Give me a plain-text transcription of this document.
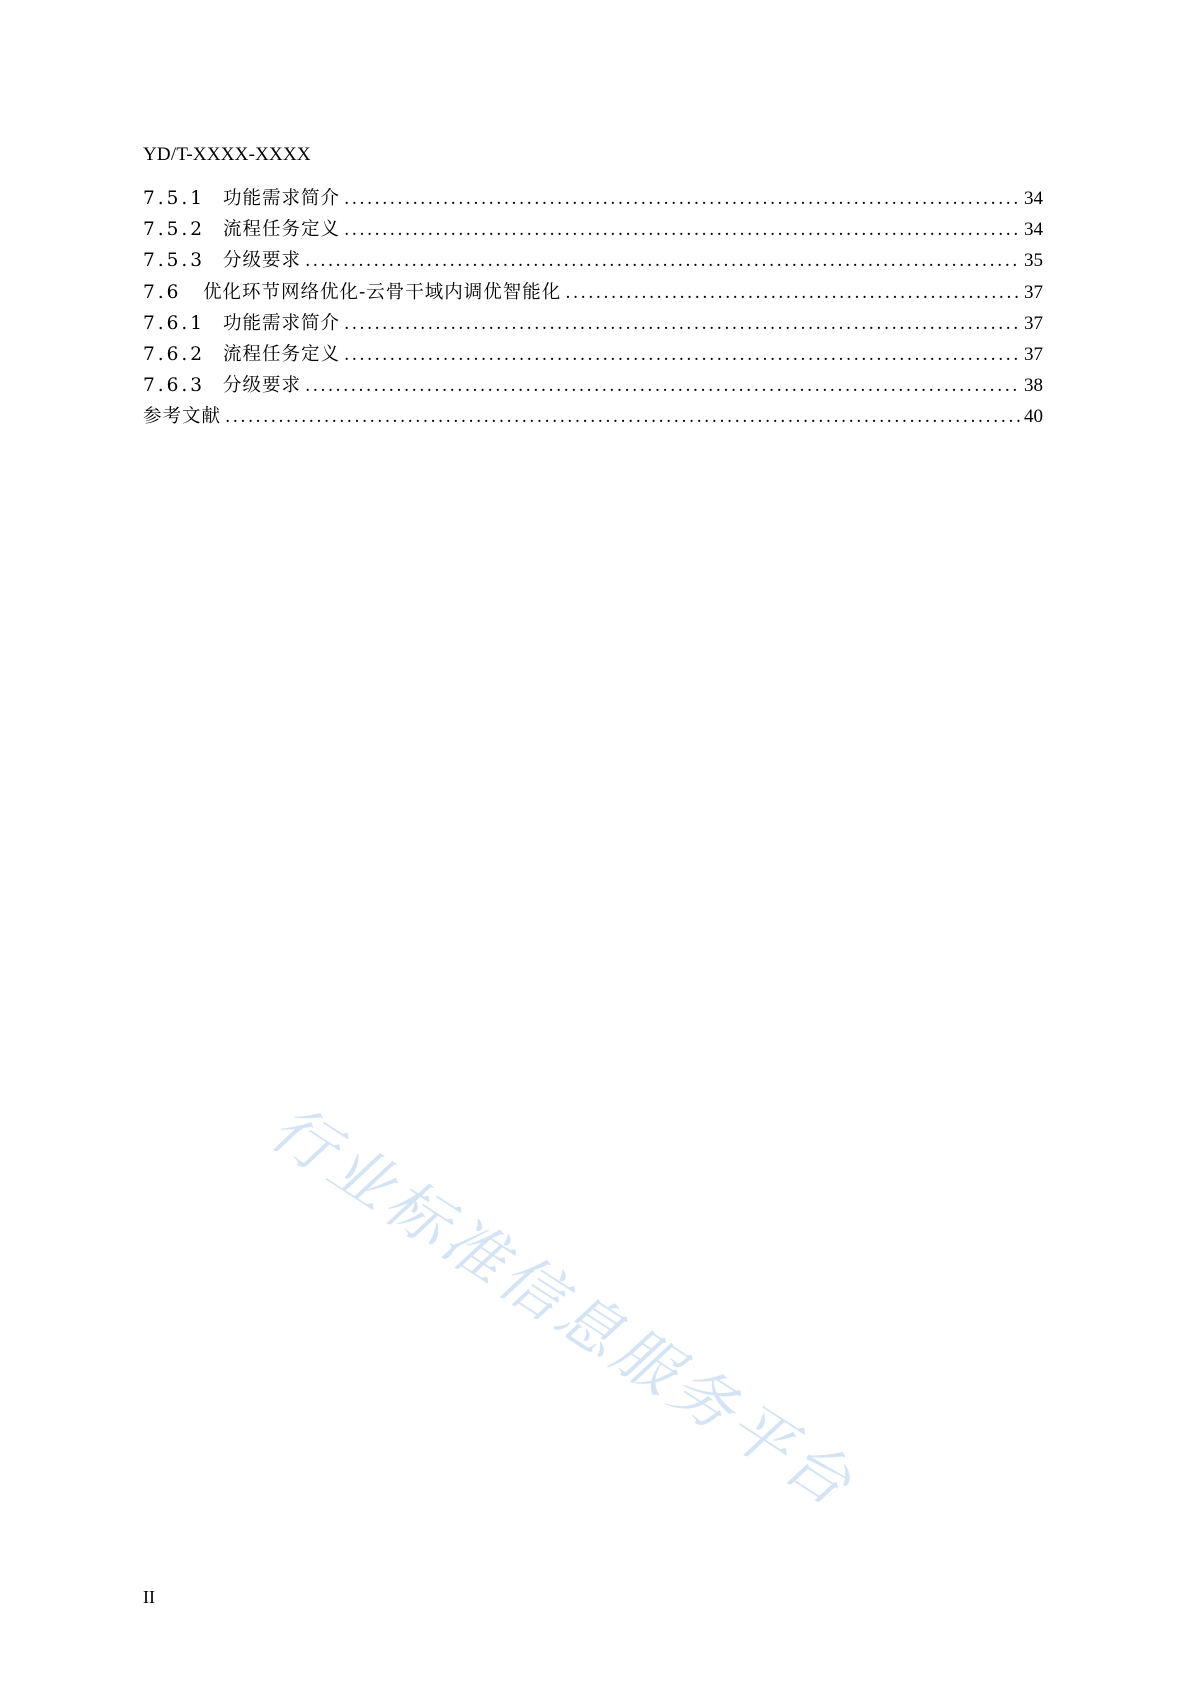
YD/T-XXXX-XXXX
7.5.1 功能需求简介 .....	34
7.5.2 流程任务定义 .....	34
7.5.3 分级要求 .....	35
7.6	优化环节网络优化-云骨干域内调优智能化 .....	37
7.6.1 功能需求简介 .....	37
7.6.2 流程任务定义 .....	37
7.6.3 分级要求 .....	38
参考文献 .....	40
行业标准信息服务平台
II
